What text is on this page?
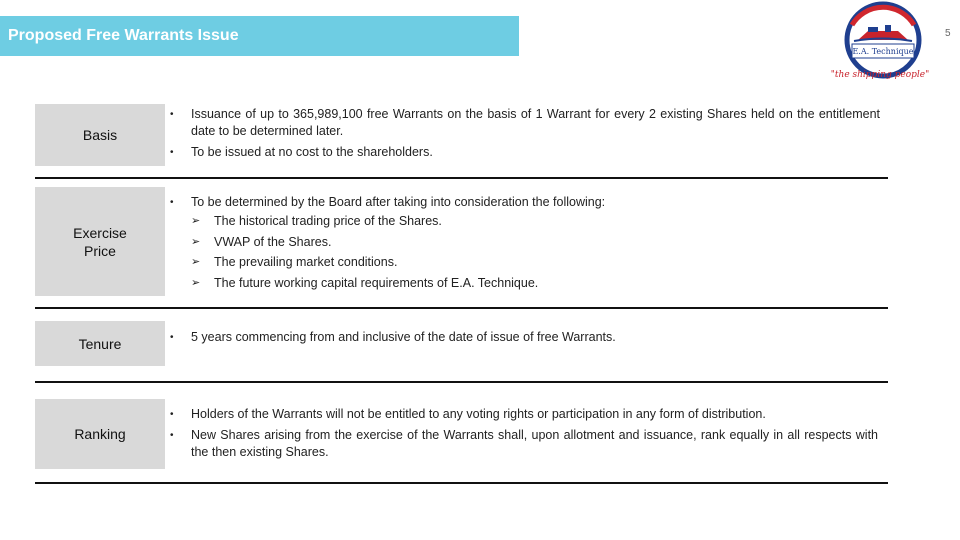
Proposed Free Warrants Issue	5
E.A. Technique
"the shipping people"
Basis
• Issuance of up to 365,989,100 free Warrants on the basis of 1 Warrant for every 2 existing Shares held on the entitlement date to be determined later.
• To be issued at no cost to the shareholders.
Exercise
Price
• To be determined by the Board after taking into consideration the following:
➢ The historical trading price of the Shares.
➢ VWAP of the Shares.
➢ The prevailing market conditions.
➢ The future working capital requirements of E.A. Technique.
Tenure	• 5 years commencing from and inclusive of the date of issue of free Warrants.
Ranking
• Holders of the Warrants will not be entitled to any voting rights or participation in any form of distribution.
• New Shares arising from the exercise of the Warrants shall, upon allotment and issuance, rank equally in all respects with the then existing Shares.
